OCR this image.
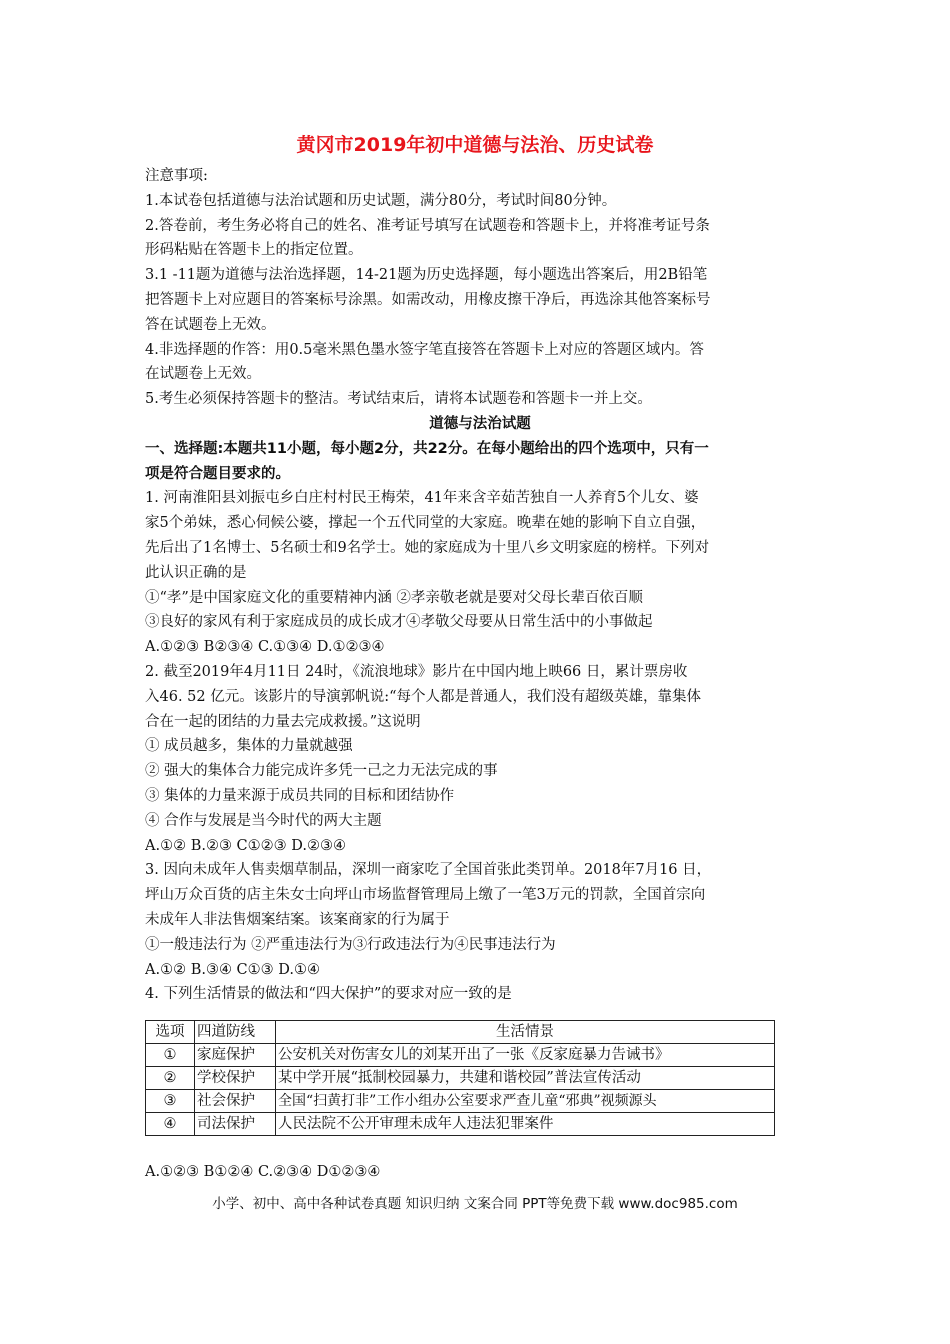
黄冈市2019年初中道德与法治、历史试卷
注意事项:
1.本试卷包括道德与法治试题和历史试题，满分80分，考试时间80分钟。
2.答卷前，考生务必将自己的姓名、准考证号填写在试题卷和答题卡上，并将准考证号条
形码粘贴在答题卡上的指定位置。
3.1 -11题为道德与法治选择题，14-21题为历史选择题，每小题选出答案后，用2B铅笔
把答题卡上对应题目的答案标号涂黑。如需改动，用橡皮擦干净后，再选涂其他答案标号
答在试题卷上无效。
4.非选择题的作答：用0.5毫米黑色墨水签字笔直接答在答题卡上对应的答题区域内。答
在试题卷上无效。
5.考生必须保持答题卡的整洁。考试结束后，请将本试题卷和答题卡一并上交。
道德与法治试题
一、选择题:本题共11小题，每小题2分，共22分。在每小题给出的四个选项中，只有一
项是符合题目要求的。
1. 河南淮阳县刘振屯乡白庄村村民王梅荣，41年来含辛茹苦独自一人养育5个儿女、婆
家5个弟妹，悉心伺候公婆，撑起一个五代同堂的大家庭。晚辈在她的影响下自立自强，
先后出了1名博士、5名硕士和9名学士。她的家庭成为十里八乡文明家庭的榜样。下列对
此认识正确的是
①“孝”是中国家庭文化的重要精神内涵 ②孝亲敬老就是要对父母长辈百依百顺
③良好的家风有利于家庭成员的成长成才④孝敬父母要从日常生活中的小事做起
A.①②③ B②③④ C.①③④ D.①②③④
2. 截至2019年4月11日 24时，《流浪地球》影片在中国内地上映66 日，累计票房收
入46. 52 亿元。该影片的导演郭帆说:“每个人都是普通人，我们没有超级英雄，靠集体
合在一起的团结的力量去完成救援。”这说明
① 成员越多，集体的力量就越强
② 强大的集体合力能完成许多凭一己之力无法完成的事
③ 集体的力量来源于成员共同的目标和团结协作
④ 合作与发展是当今时代的两大主题
A.①② B.②③ C①②③ D.②③④
3. 因向未成年人售卖烟草制品，深圳一商家吃了全国首张此类罚单。2018年7月16 日，
坪山万众百货的店主朱女士向坪山市场监督管理局上缴了一笔3万元的罚款，全国首宗向
未成年人非法售烟案结案。该案商家的行为属于
①一般违法行为 ②严重违法行为③行政违法行为④民事违法行为
A.①② B.③④ C①③ D.①④
4. 下列生活情景的做法和“四大保护”的要求对应一致的是
选项	四道防线	生活情景
①	家庭保护	公安机关对伤害女儿的刘某开出了一张《反家庭暴力告诫书》
②	学校保护	某中学开展“抵制校园暴力，共建和谐校园”普法宣传活动
③	社会保护	全国“扫黄打非”工作小组办公室要求严查儿童“邪典”视频源头
④	司法保护	人民法院不公开审理未成年人违法犯罪案件
A.①②③ B①②④ C.②③④ D①②③④
小学、初中、高中各种试卷真题 知识归纳 文案合同 PPT等免费下载 www.doc985.com
